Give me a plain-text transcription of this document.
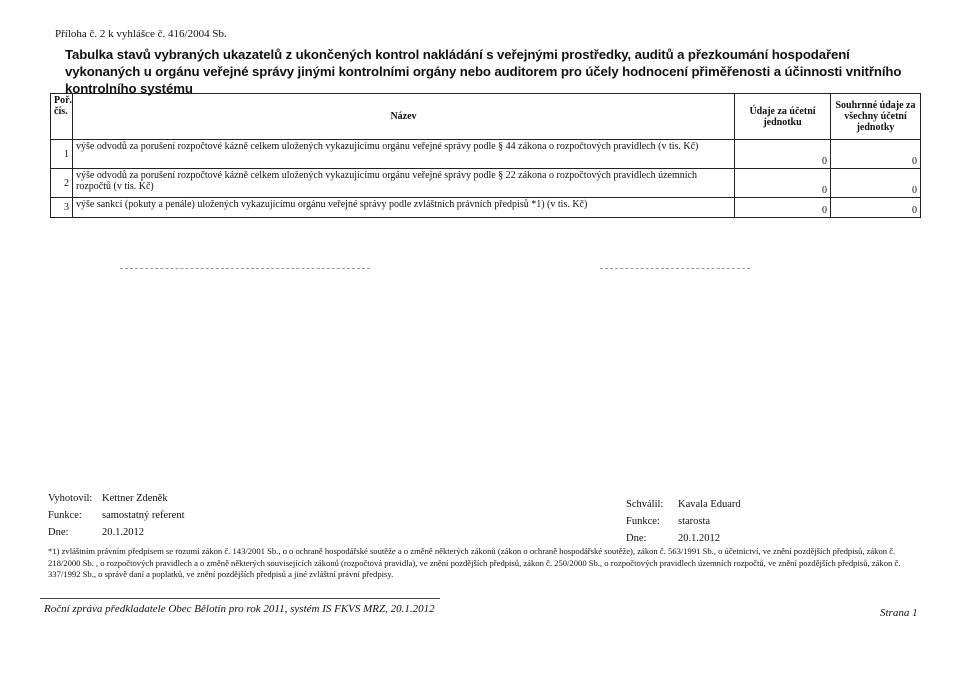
Příloha č. 2 k vyhlášce č. 416/2004 Sb.
Tabulka stavů vybraných ukazatelů z ukončených kontrol nakládání s veřejnými prostředky, auditů a přezkoumání hospodaření vykonaných u orgánu veřejné správy jinými kontrolními orgány nebo auditorem pro účely hodnocení přiměřenosti a účinnosti vnitřního kontrolního systému
Poř. čís.	Název	Údaje za účetní jednotku	Souhrnné údaje za všechny účetní jednotky
1	výše odvodů za porušení rozpočtové kázně celkem uložených vykazujícímu orgánu veřejné správy podle § 44 zákona o rozpočtových pravidlech (v tis. Kč)	0	0
2	výše odvodů za porušení rozpočtové kázně celkem uložených vykazujícímu orgánu veřejné správy podle § 22 zákona o rozpočtových pravidlech územních rozpočtů (v tis. Kč)	0	0
3	výše sankcí (pokuty a penále) uložených vykazujícímu orgánu veřejné správy podle zvláštních právních předpisů *1) (v tis. Kč)	0	0
Vyhotovil: Kettner Zdeněk
Funkce: samostatný referent
Dne:	20.1.2012
Schválil: Kavala Eduard
Funkce: starosta
Dne:	20.1.2012
*1) zvláštním právním předpisem se rozumí zákon č. 143/2001 Sb., o o ochraně hospodářské soutěže a o změně některých zákonů (zákon o ochraně hospodářské soutěže), zákon č. 563/1991 Sb., o účetnictví, ve znění pozdějších předpisů, zákon č. 218/2000 Sb. , o rozpočtových pravidlech a o změně některých souvisejících zákonů (rozpočtová pravidla), ve znění pozdějších předpisů, zákon č. 250/2000 Sb., o rozpočtových pravidlech územních rozpočtů, ve znění pozdějších předpisů, zákon č. 337/1992 Sb., o správě daní a poplatků, ve znění pozdějších předpisů a jiné zvláštní právní předpisy.
Roční zpráva předkladatele Obec Bělotín pro rok 2011, systém IS FKVS MRZ, 20.1.2012	Strana 1
